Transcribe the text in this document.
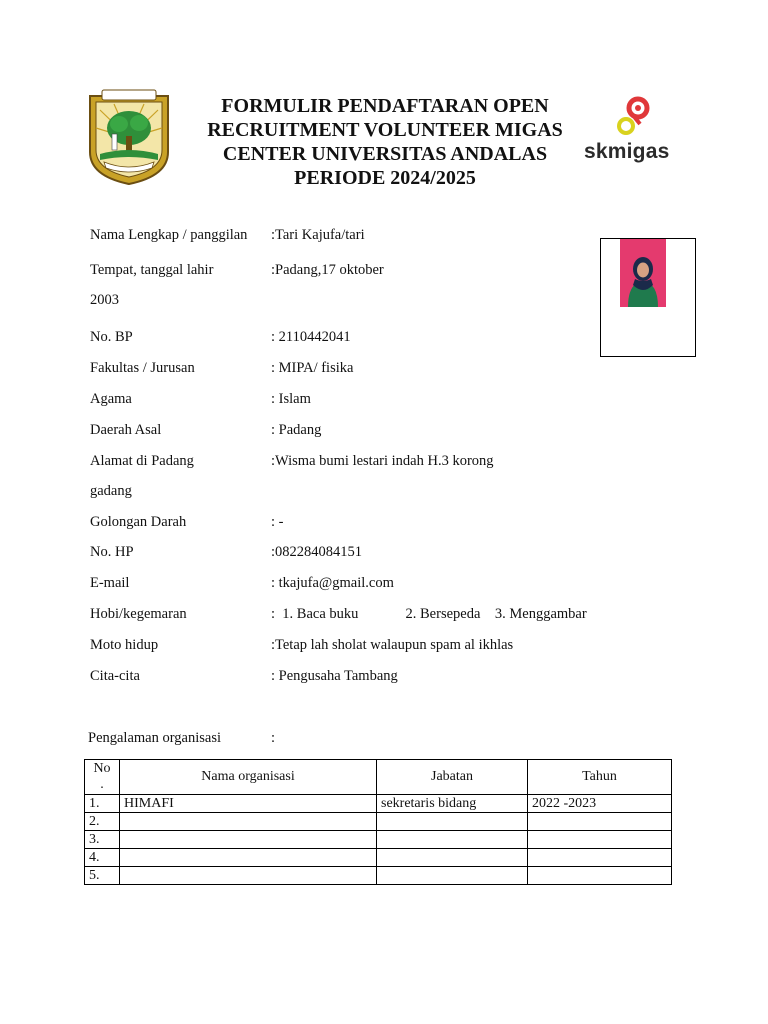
FORMULIR PENDAFTARAN OPEN
RECRUITMENT VOLUNTEER MIGAS
CENTER UNIVERSITAS ANDALAS
PERIODE 2024/2025
skmigas
Nama Lengkap / panggilan :Tari Kajufa/tari
Tempat, tanggal lahir	:Padang,17 oktober
2003
No. BP	: 2110442041
Fakultas / Jurusan	: MIPA/ fisika
Agama	: Islam
Daerah Asal	: Padang
Alamat di Padang	:Wisma bumi lestari indah H.3 korong
gadang
Golongan Darah	: -
No. HP	:082284084151
E-mail	: tkajufa@gmail.com
Hobi/kegemaran	:  1. Baca buku             2. Bersepeda    3. Menggambar
Moto hidup	:Tetap lah sholat walaupun spam al ikhlas
Cita-cita	: Pengusaha Tambang
Pengalaman organisasi	:
No
.	Nama organisasi	Jabatan	Tahun
1.	HIMAFI	sekretaris bidang	2022 -2023
2.			
3.			
4.			
5.			
